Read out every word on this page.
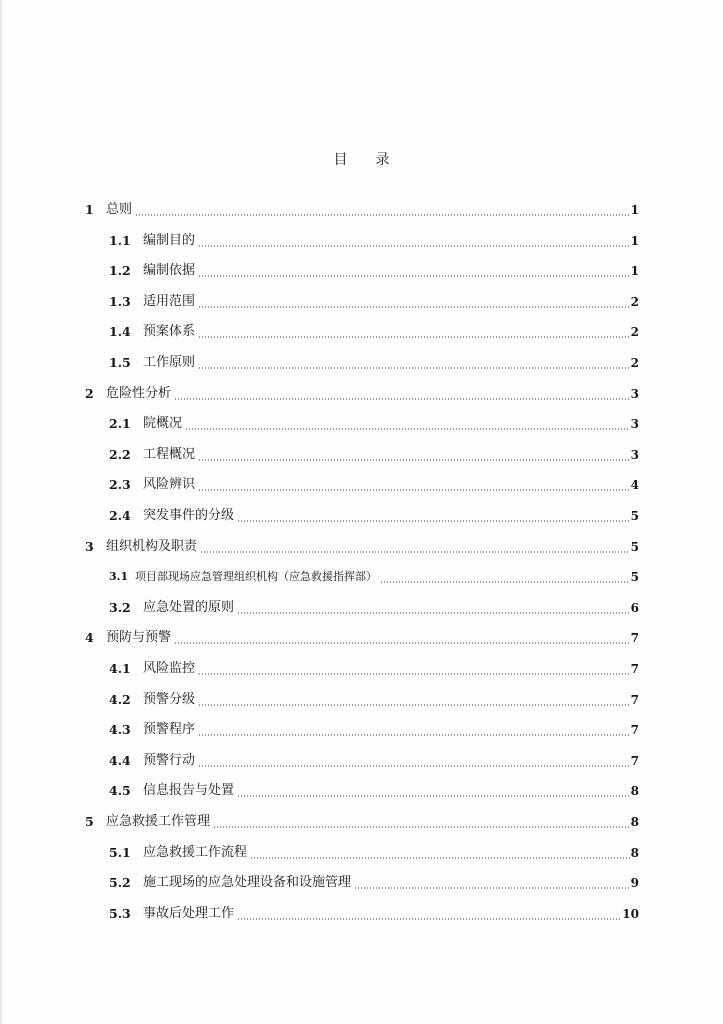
目 录
1 总则	1
1.1 编制目的	1
1.2 编制依据	1
1.3 适用范围	2
1.4 预案体系	2
1.5 工作原则	2
2 危险性分析	3
2.1 院概况	3
2.2 工程概况	3
2.3 风险辨识	4
2.4 突发事件的分级	5
3 组织机构及职责	5
3.1 项目部现场应急管理组织机构（应急救援指挥部）	5
3.2 应急处置的原则	6
4 预防与预警	7
4.1 风险监控	7
4.2 预警分级	7
4.3 预警程序	7
4.4 预警行动	7
4.5 信息报告与处置	8
5 应急救援工作管理	8
5.1 应急救援工作流程	8
5.2 施工现场的应急处理设备和设施管理	9
5.3 事故后处理工作	10
